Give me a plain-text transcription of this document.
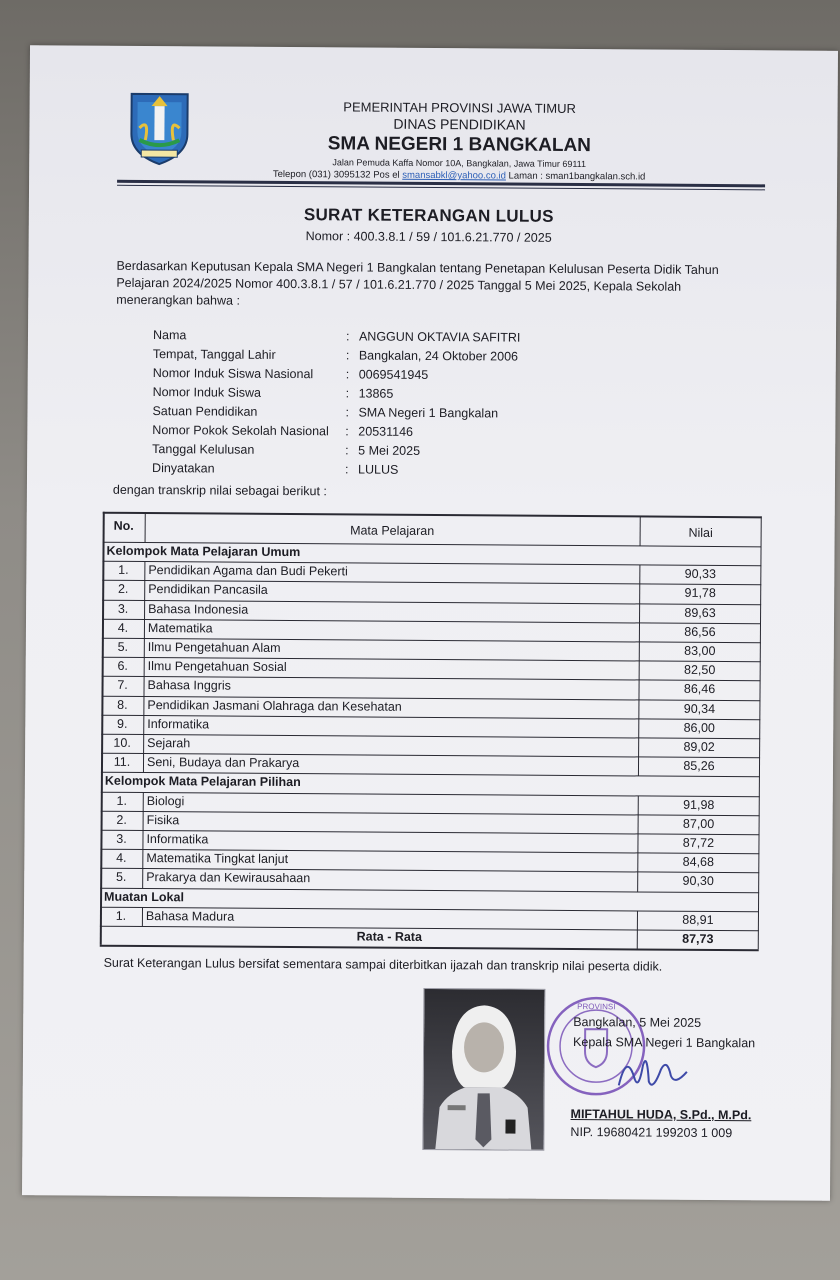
PEMERINTAH PROVINSI JAWA TIMUR
DINAS PENDIDIKAN
SMA NEGERI 1 BANGKALAN
Jalan Pemuda Kaffa Nomor 10A, Bangkalan, Jawa Timur 69111
Telepon (031) 3095132 Pos el smansabkl@yahoo.co.id Laman : sman1bangkalan.sch.id
SURAT KETERANGAN LULUS
Nomor : 400.3.8.1 / 59 / 101.6.21.770 / 2025
Berdasarkan Keputusan Kepala SMA Negeri 1 Bangkalan tentang Penetapan Kelulusan Peserta Didik Tahun Pelajaran 2024/2025 Nomor 400.3.8.1 / 57 / 101.6.21.770 / 2025 Tanggal 5 Mei 2025, Kepala Sekolah menerangkan bahwa :
Nama	: ANGGUN OKTAVIA SAFITRI
Tempat, Tanggal Lahir	: Bangkalan, 24 Oktober 2006
Nomor Induk Siswa Nasional	: 0069541945
Nomor Induk Siswa	: 13865
Satuan Pendidikan	: SMA Negeri 1 Bangkalan
Nomor Pokok Sekolah Nasional	: 20531146
Tanggal Kelulusan	: 5 Mei 2025
Dinyatakan	: LULUS
dengan transkrip nilai sebagai berikut :
No.	Mata Pelajaran	Nilai
Kelompok Mata Pelajaran Umum
1.	Pendidikan Agama dan Budi Pekerti	90,33
2.	Pendidikan Pancasila	91,78
3.	Bahasa Indonesia	89,63
4.	Matematika	86,56
5.	Ilmu Pengetahuan Alam	83,00
6.	Ilmu Pengetahuan Sosial	82,50
7.	Bahasa Inggris	86,46
8.	Pendidikan Jasmani Olahraga dan Kesehatan	90,34
9.	Informatika	86,00
10.	Sejarah	89,02
11.	Seni, Budaya dan Prakarya	85,26
Kelompok Mata Pelajaran Pilihan
1.	Biologi	91,98
2.	Fisika	87,00
3.	Informatika	87,72
4.	Matematika Tingkat lanjut	84,68
5.	Prakarya dan Kewirausahaan	90,30
Muatan Lokal
1.	Bahasa Madura	88,91
Rata - Rata	87,73
Surat Keterangan Lulus bersifat sementara sampai diterbitkan ijazah dan transkrip nilai peserta didik.
PROVINSI
Bangkalan, 5 Mei 2025
Kepala SMA Negeri 1 Bangkalan
MIFTAHUL HUDA, S.Pd., M.Pd.
NIP. 19680421 199203 1 009
